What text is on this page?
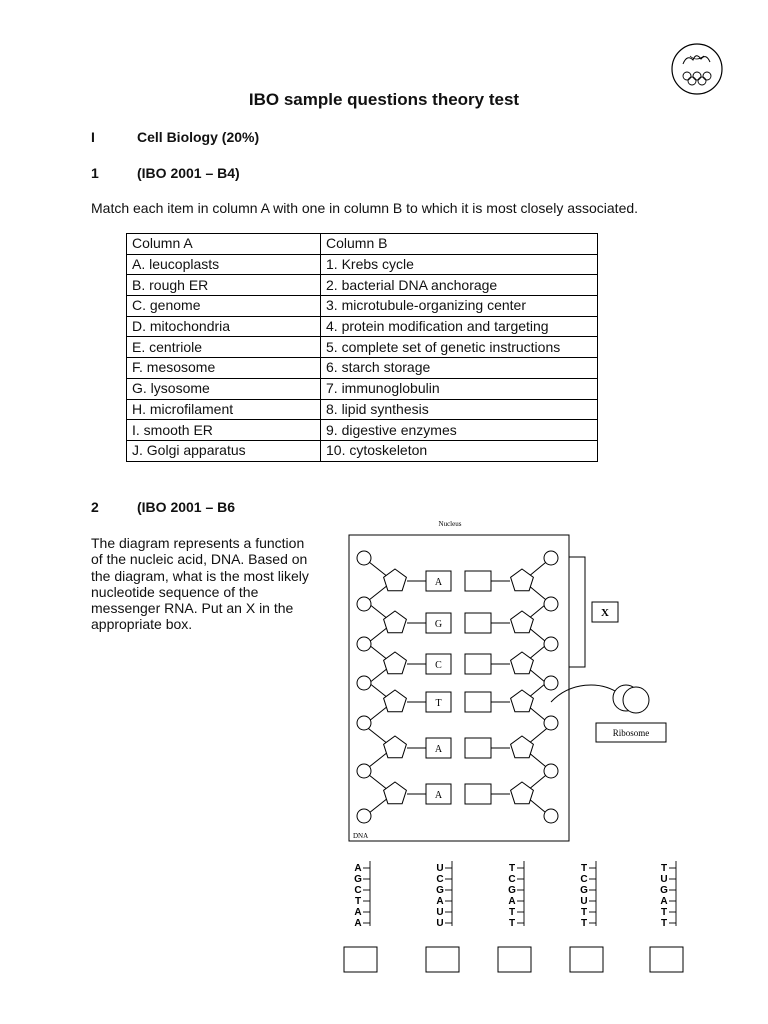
IBO sample questions theory test
I	Cell Biology (20%)
1	(IBO 2001 – B4)
Match each item in column A with one in column B to which it is most closely associated.
Column A	Column B
A. leucoplasts	1. Krebs cycle
B. rough ER	2. bacterial DNA anchorage
C. genome	3. microtubule-organizing center
D. mitochondria	4. protein modification and targeting
E. centriole	5. complete set of genetic instructions
F. mesosome	6. starch storage
G. lysosome	7. immunoglobulin
H. microfilament	8. lipid synthesis
I. smooth ER	9. digestive enzymes
J. Golgi apparatus	10. cytoskeleton
2	(IBO 2001 – B6
The diagram represents a function
of the nucleic acid, DNA. Based on
the diagram, what is the most likely
nucleotide sequence of the
messenger RNA. Put an X in the
appropriate box.
Nucleus
DNA
A
G
C
T
A
A
X
Ribosome
A
G
C
T
A
A
U
C
G
A
U
U
T
C
G
A
T
T
T
C
G
U
T
T
T
U
G
A
T
T
